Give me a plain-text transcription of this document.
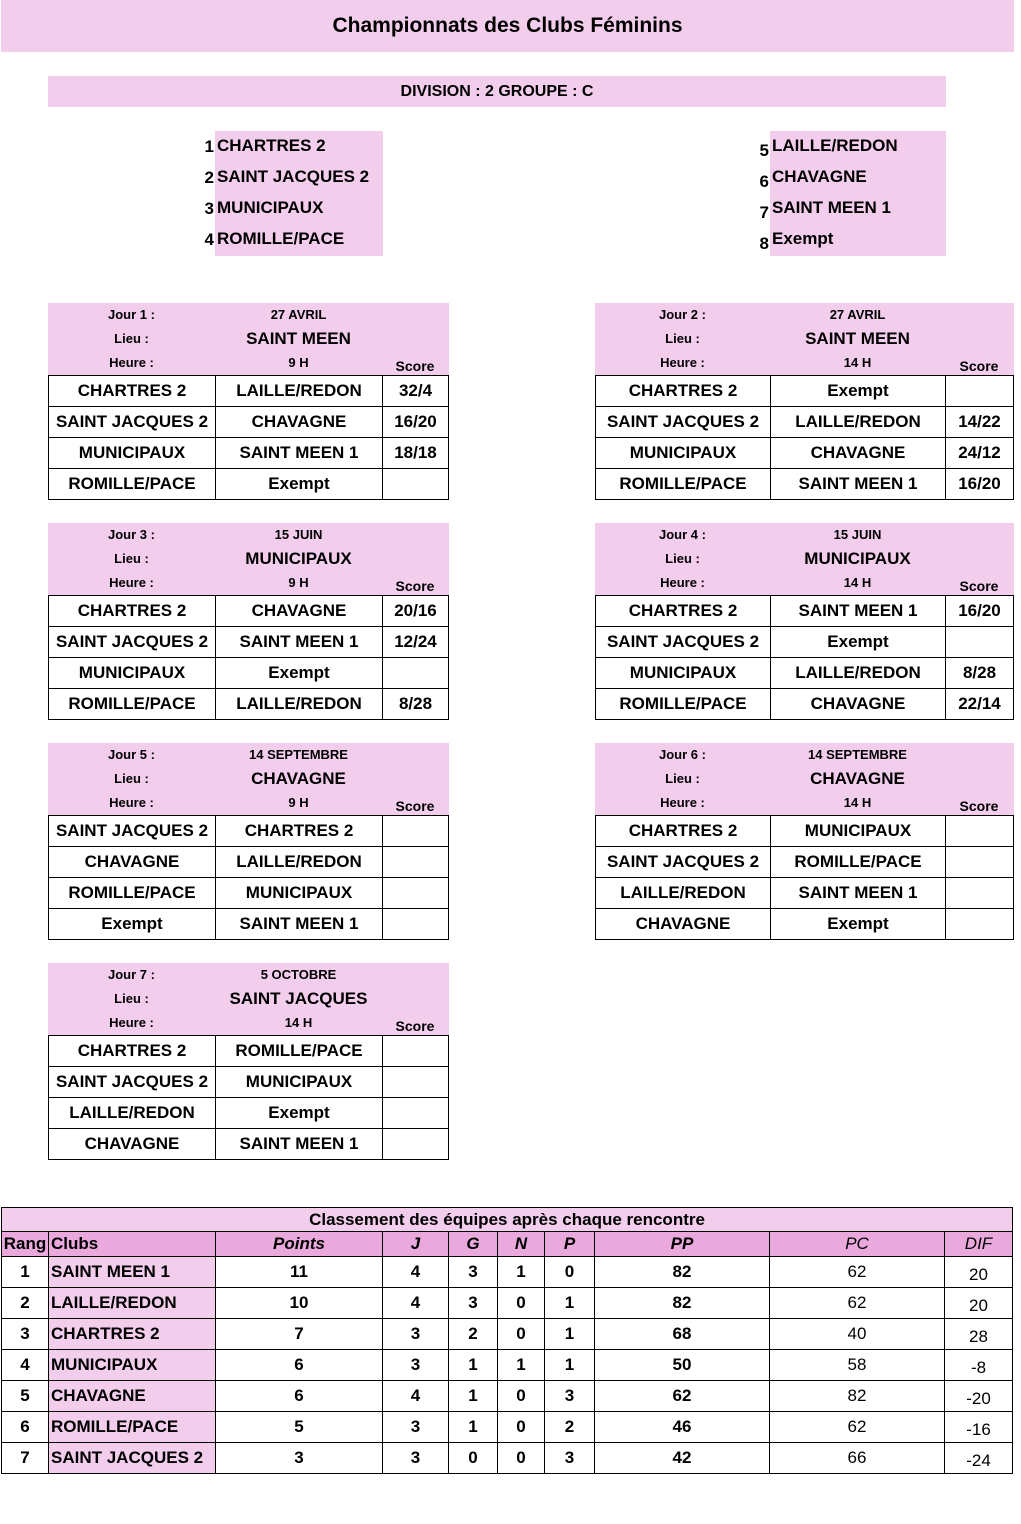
Championnats des Clubs Féminins
DIVISION : 2 GROUPE : C
1 CHARTRES 2
2 SAINT JACQUES 2
3 MUNICIPAUX
4 ROMILLE/PACE
5 LAILLE/REDON
6 CHAVAGNE
7 SAINT MEEN 1
8 Exempt
Jour 1 :	27 AVRIL
Lieu :	SAINT MEEN
Heure :	9 H	Score
CHARTRES 2	LAILLE/REDON	32/4
SAINT JACQUES 2	CHAVAGNE	16/20
MUNICIPAUX	SAINT MEEN 1	18/18
ROMILLE/PACE	Exempt	
Jour 2 :	27 AVRIL
Lieu :	SAINT MEEN
Heure :	14 H	Score
CHARTRES 2	Exempt	
SAINT JACQUES 2	LAILLE/REDON	14/22
MUNICIPAUX	CHAVAGNE	24/12
ROMILLE/PACE	SAINT MEEN 1	16/20
Jour 3 :	15 JUIN
Lieu :	MUNICIPAUX
Heure :	9 H	Score
CHARTRES 2	CHAVAGNE	20/16
SAINT JACQUES 2	SAINT MEEN 1	12/24
MUNICIPAUX	Exempt	
ROMILLE/PACE	LAILLE/REDON	8/28
Jour 4 :	15 JUIN
Lieu :	MUNICIPAUX
Heure :	14 H	Score
CHARTRES 2	SAINT MEEN 1	16/20
SAINT JACQUES 2	Exempt	
MUNICIPAUX	LAILLE/REDON	8/28
ROMILLE/PACE	CHAVAGNE	22/14
Jour 5 :	14 SEPTEMBRE
Lieu :	CHAVAGNE
Heure :	9 H	Score
SAINT JACQUES 2	CHARTRES 2	
CHAVAGNE	LAILLE/REDON	
ROMILLE/PACE	MUNICIPAUX	
Exempt	SAINT MEEN 1	
Jour 6 :	14 SEPTEMBRE
Lieu :	CHAVAGNE
Heure :	14 H	Score
CHARTRES 2	MUNICIPAUX	
SAINT JACQUES 2	ROMILLE/PACE	
LAILLE/REDON	SAINT MEEN 1	
CHAVAGNE	Exempt	
Jour 7 :	5 OCTOBRE
Lieu :	SAINT JACQUES
Heure :	14 H	Score
CHARTRES 2	ROMILLE/PACE	
SAINT JACQUES 2	MUNICIPAUX	
LAILLE/REDON	Exempt	
CHAVAGNE	SAINT MEEN 1	
Classement des équipes après chaque rencontre									
Rang	Clubs	Points	J	G	N	P	PP	PC	DIF
1	SAINT MEEN 1	11	4	3	1	0	82	62	20
2	LAILLE/REDON	10	4	3	0	1	82	62	20
3	CHARTRES 2	7	3	2	0	1	68	40	28
4	MUNICIPAUX	6	3	1	1	1	50	58	-8
5	CHAVAGNE	6	4	1	0	3	62	82	-20
6	ROMILLE/PACE	5	3	1	0	2	46	62	-16
7	SAINT JACQUES 2	3	3	0	0	3	42	66	-24
